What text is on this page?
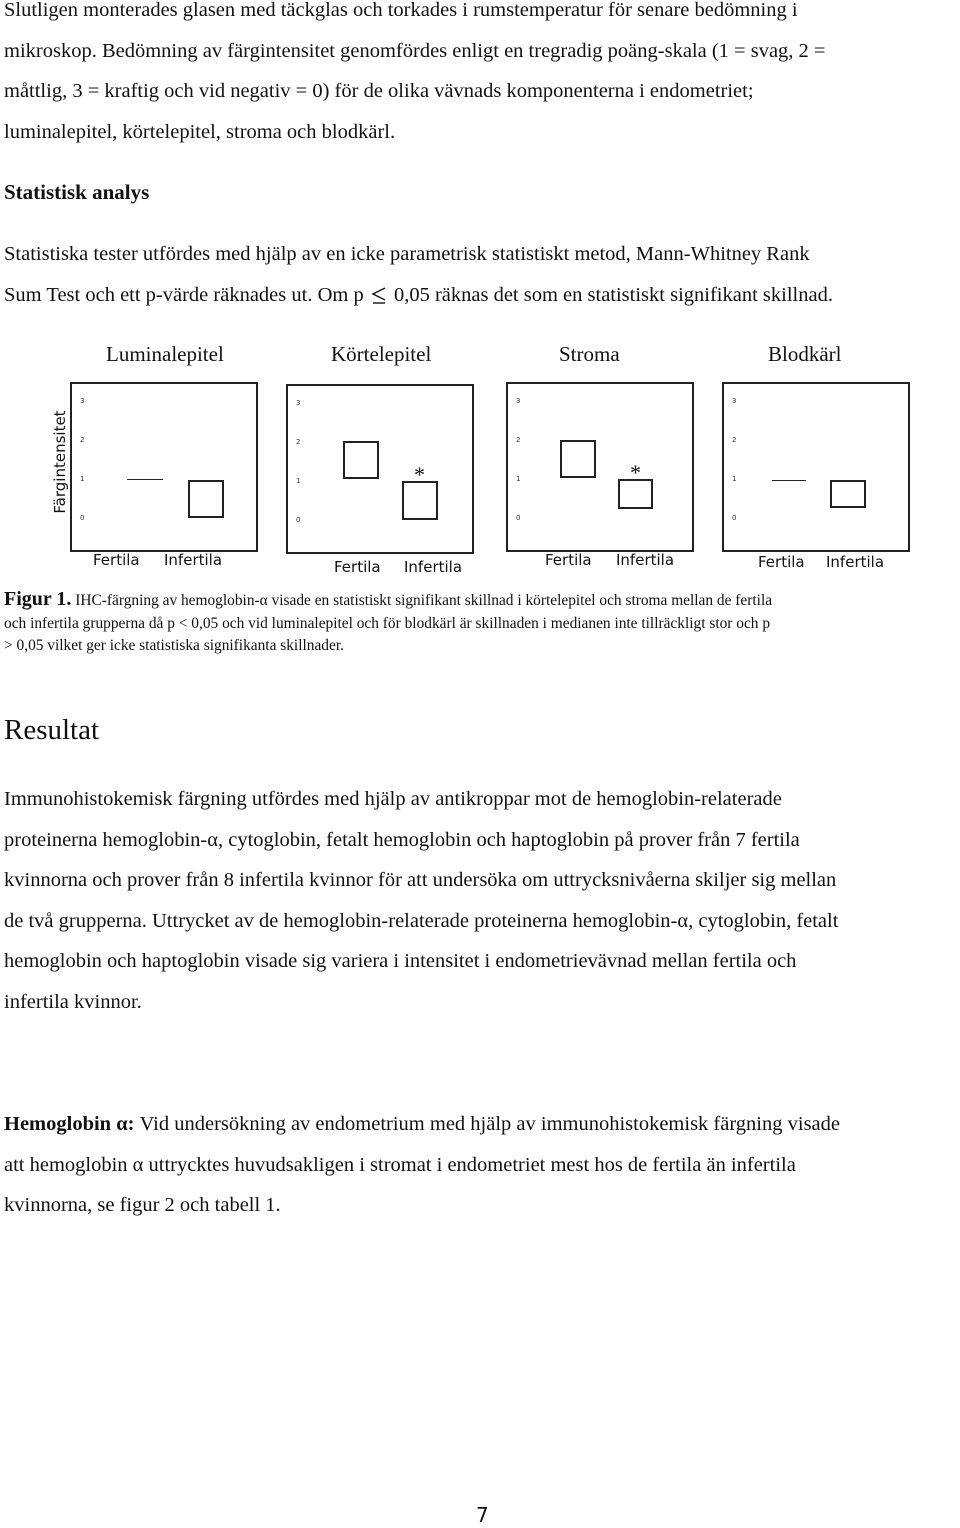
Slutligen monterades glasen med täckglas och torkades i rumstemperatur för senare bedömning i
mikroskop. Bedömning av färgintensitet genomfördes enligt en tregradig poäng-skala (1 = svag, 2 =
måttlig, 3 = kraftig och vid negativ = 0) för de olika vävnads komponenterna i endometriet;
luminalepitel, körtelepitel, stroma och blodkärl.
Statistisk analys
Statistiska tester utfördes med hjälp av en icke parametrisk statistiskt metod, Mann-Whitney Rank
Sum Test och ett p-värde räknades ut. Om p  0,05 räknas det som en statistiskt signifikant skillnad.
Luminalepitel	Körtelepitel	Stroma	Blodkärl
Färgintensitet
3
2
1
0
3
2
1
0
*
3
2
1
0
*
3
2
1
0
Fertila Infertila	Fertila Infertila	Fertila Infertila	Fertila Infertila
Figur 1. IHC-färgning av hemoglobin-α visade en statistiskt signifikant skillnad i körtelepitel och stroma mellan de fertila
och infertila grupperna då p < 0,05 och vid luminalepitel och för blodkärl är skillnaden i medianen inte tillräckligt stor och p
> 0,05 vilket ger icke statistiska signifikanta skillnader.
Resultat
Immunohistokemisk färgning utfördes med hjälp av antikroppar mot de hemoglobin-relaterade
proteinerna hemoglobin-α, cytoglobin, fetalt hemoglobin och haptoglobin på prover från 7 fertila
kvinnorna och prover från 8 infertila kvinnor för att undersöka om uttrycksnivåerna skiljer sig mellan
de två grupperna. Uttrycket av de hemoglobin-relaterade proteinerna hemoglobin-α, cytoglobin, fetalt
hemoglobin och haptoglobin visade sig variera i intensitet i endometrievävnad mellan fertila och
infertila kvinnor.
Hemoglobin α: Vid undersökning av endometrium med hjälp av immunohistokemisk färgning visade
att hemoglobin α uttrycktes huvudsakligen i stromat i endometriet mest hos de fertila än infertila
kvinnorna, se figur 2 och tabell 1.
7
